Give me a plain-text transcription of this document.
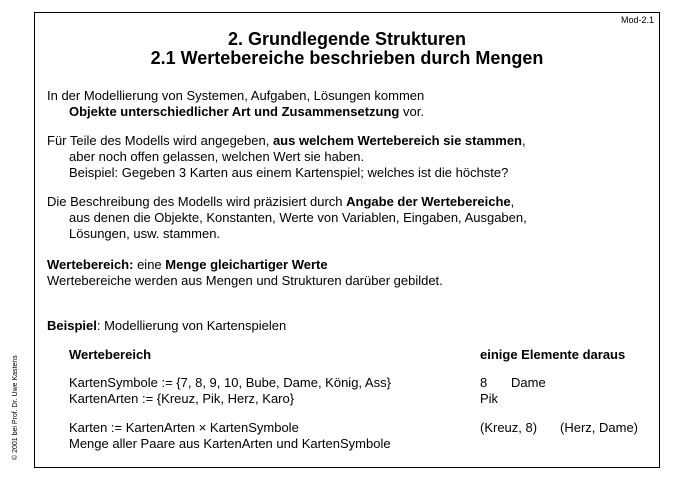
Mod-2.1
© 2001 bei Prof. Dr. Uwe Kastens
2. Grundlegende Strukturen
2.1 Wertebereiche beschrieben durch Mengen
In der Modellierung von Systemen, Aufgaben, Lösungen kommen
Objekte unterschiedlicher Art und Zusammensetzung vor.
Für Teile des Modells wird angegeben, aus welchem Wertebereich sie stammen,
aber noch offen gelassen, welchen Wert sie haben.
Beispiel: Gegeben 3 Karten aus einem Kartenspiel; welches ist die höchste?
Die Beschreibung des Modells wird präzisiert durch Angabe der Wertebereiche,
aus denen die Objekte, Konstanten, Werte von Variablen, Eingaben, Ausgaben,
Lösungen, usw. stammen.
Wertebereich: eine Menge gleichartiger Werte
Wertebereiche werden aus Mengen und Strukturen darüber gebildet.
Beispiel: Modellierung von Kartenspielen
Wertebereich	einige Elemente daraus
KartenSymbole := {7, 8, 9, 10, Bube, Dame, König, Ass}	8 Dame
KartenArten := {Kreuz, Pik, Herz, Karo}	Pik
Karten := KartenArten × KartenSymbole	(Kreuz, 8) (Herz, Dame)
Menge aller Paare aus KartenArten und KartenSymbole
